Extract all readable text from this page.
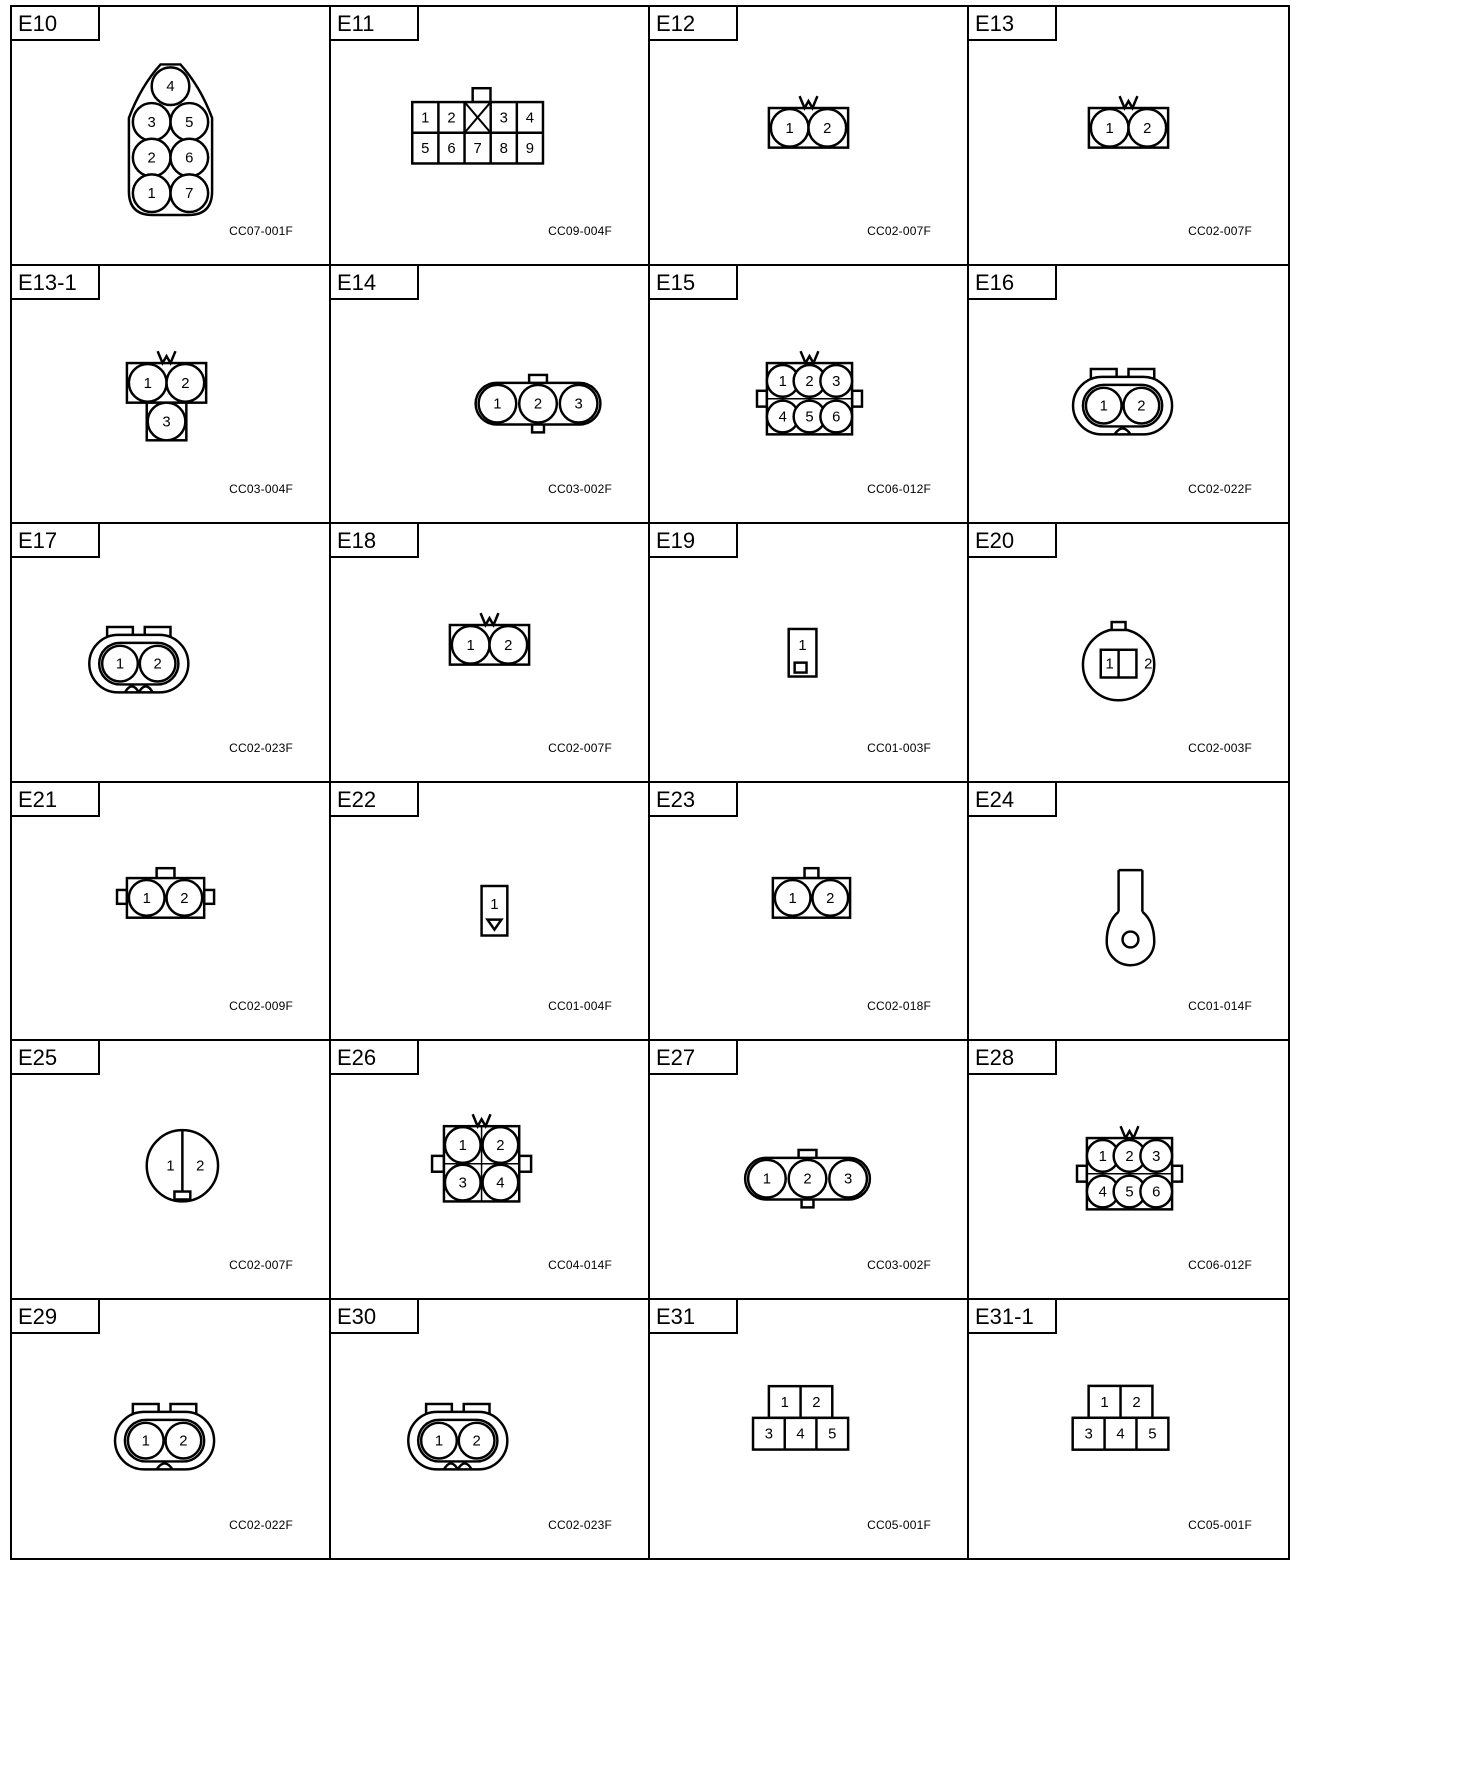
E10
4
3 5
2 6
1 7
CC07-001F
E11
1 2	3 4
5 6 7 8 9
CC09-004F
E12
1 2
CC02-007F
E13
1 2
CC02-007F
E13-1
1 2
3
CC03-004F
E14
1 2 3
CC03-002F
E15
1 2 3
4 5 6
CC06-012F
E16
1 2
CC02-022F
E17
1 2
CC02-023F
E18
1 2
CC02-007F
E19
1
CC01-003F
E20
1 2
CC02-003F
E21
1 2
CC02-009F
E22
1
CC01-004F
E23
1 2
CC02-018F
E24
CC01-014F
E25
1 2
CC02-007F
E26
1 2
3 4
CC04-014F
E27
1 2 3
CC03-002F
E28
1 2 3
4 5 6
CC06-012F
E29
1 2
CC02-022F
E30
1 2
CC02-023F
E31
1 2
3 4 5
CC05-001F
E31-1
1 2
3 4 5
CC05-001F
